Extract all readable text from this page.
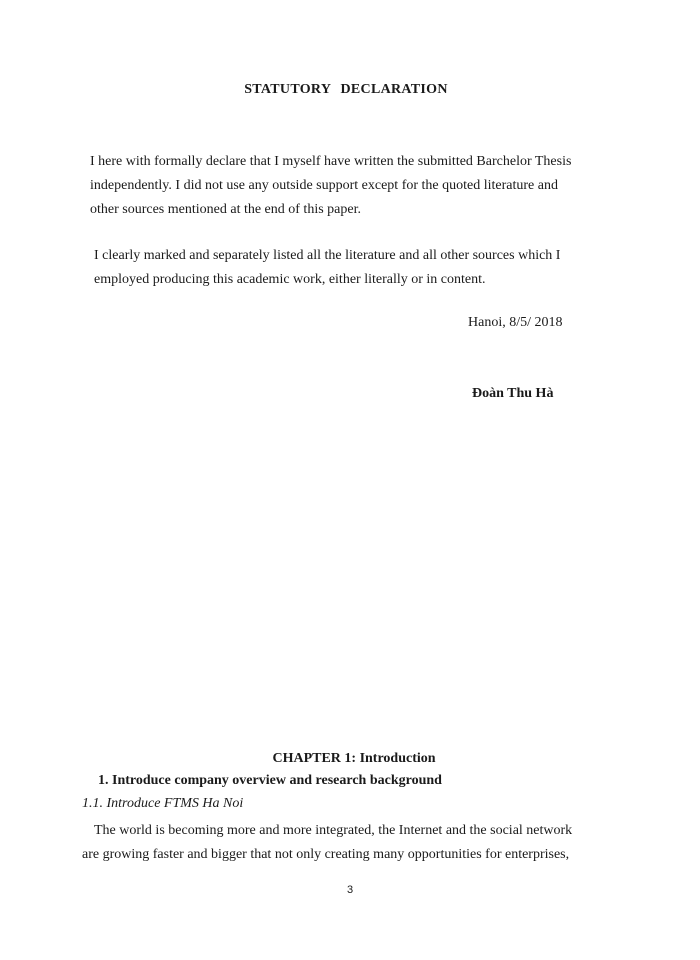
STATUTORY DECLARATION
I here with formally declare that I myself have written the submitted Barchelor Thesis
independently. I did not use any outside support except for the quoted literature and
other sources mentioned at the end of this paper.
I clearly marked and separately listed all the literature and all other sources which I
employed producing this academic work, either literally or in content.
Hanoi, 8/5/ 2018
Đoàn Thu Hà
CHAPTER 1: Introduction
1. Introduce company overview and research background
1.1. Introduce FTMS Ha Noi
The world is becoming more and more integrated, the Internet and the social network
are growing faster and bigger that not only creating many opportunities for enterprises,
3
